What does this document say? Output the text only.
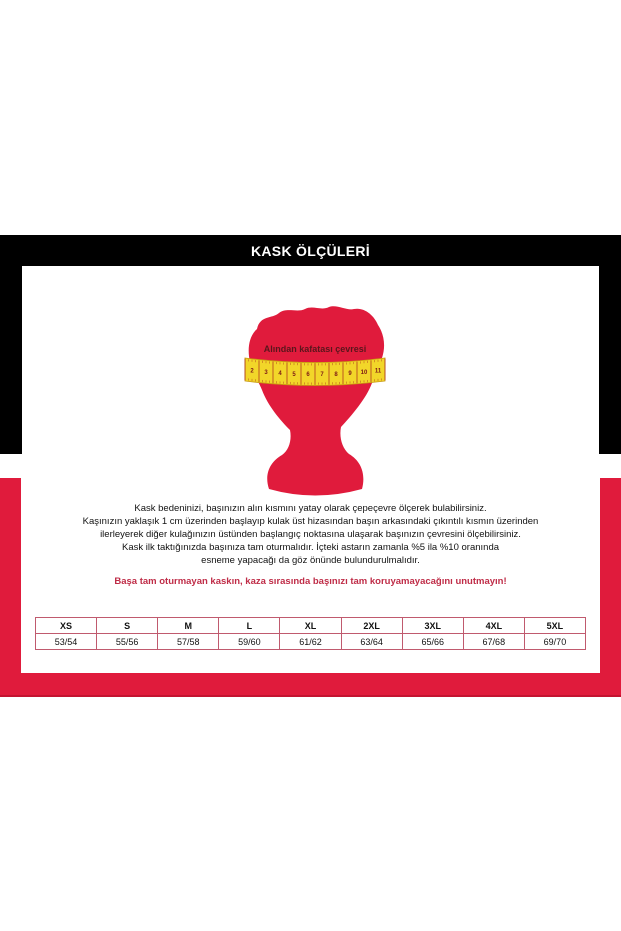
KASK ÖLÇÜLERİ
2 3 4 5 6 7 8 9 10 11
Alından kafatası çevresi
Kask bedeninizi, başınızın alın kısmını yatay olarak çepeçevre ölçerek bulabilirsiniz.
Kaşınızın yaklaşık 1 cm üzerinden başlayıp kulak üst hizasından başın arkasındaki çıkıntılı kısmın üzerinden
ilerleyerek diğer kulağınızın üstünden başlangıç noktasına ulaşarak başınızın çevresini ölçebilirsiniz.
Kask ilk taktığınızda başınıza tam oturmalıdır. İçteki astarın zamanla %5 ila %10 oranında
esneme yapacağı da göz önünde bulundurulmalıdır.
Başa tam oturmayan kaskın, kaza sırasında başınızı tam koruyamayacağını unutmayın!
XS	S	M	L	XL	2XL	3XL	4XL	5XL
53/54	55/56	57/58	59/60	61/62	63/64	65/66	67/68	69/70
